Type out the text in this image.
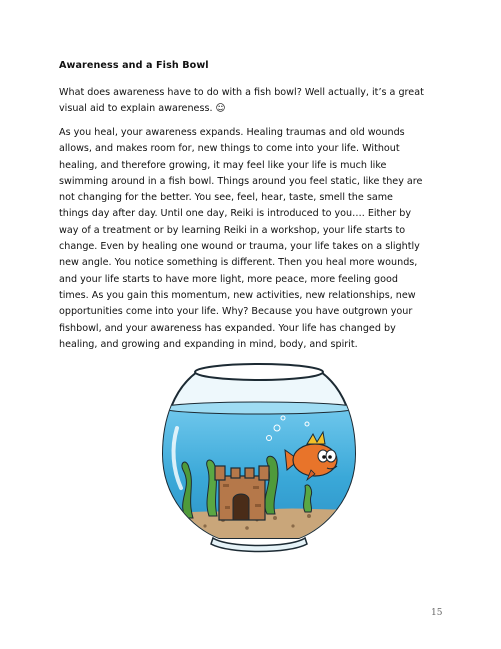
Awareness and a Fish Bowl

What does awareness have to do with a fish bowl? Well actually, it’s a great
visual aid to explain awareness. ☺

As you heal, your awareness expands. Healing traumas and old wounds
allows, and makes room for, new things to come into your life. Without
healing, and therefore growing, it may feel like your life is much like
swimming around in a fish bowl. Things around you feel static, like they are
not changing for the better. You see, feel, hear, taste, smell the same
things day after day. Until one day, Reiki is introduced to you…. Either by
way of a treatment or by learning Reiki in a workshop, your life starts to
change. Even by healing one wound or trauma, your life takes on a slightly
new angle. You notice something is different. Then you heal more wounds,
and your life starts to have more light, more peace, more feeling good
times. As you gain this momentum, new activities, new relationships, new
opportunities come into your life. Why? Because you have outgrown your
fishbowl, and your awareness has expanded. Your life has changed by
healing, and growing and expanding in mind, body, and spirit.

15
